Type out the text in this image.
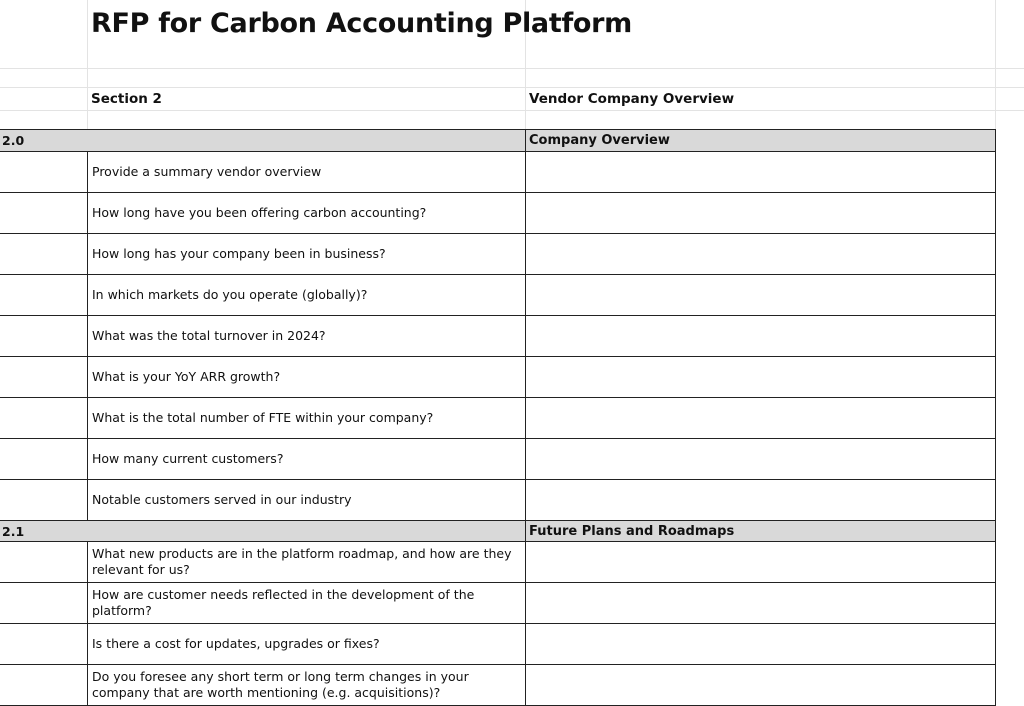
RFP for Carbon Accounting Platform
Section 2	Vendor Company Overview
2.0	Company Overview
Provide a summary vendor overview
How long have you been offering carbon accounting?
How long has your company been in business?
In which markets do you operate (globally)?
What was the total turnover in 2024?
What is your YoY ARR growth?
What is the total number of FTE within your company?
How many current customers?
Notable customers served in our industry
2.1	Future Plans and Roadmaps
What new products are in the platform roadmap, and how are they relevant for us?
How are customer needs reflected in the development of the platform?
Is there a cost for updates, upgrades or fixes?
Do you foresee any short term or long term changes in your company that are worth mentioning (e.g. acquisitions)?
